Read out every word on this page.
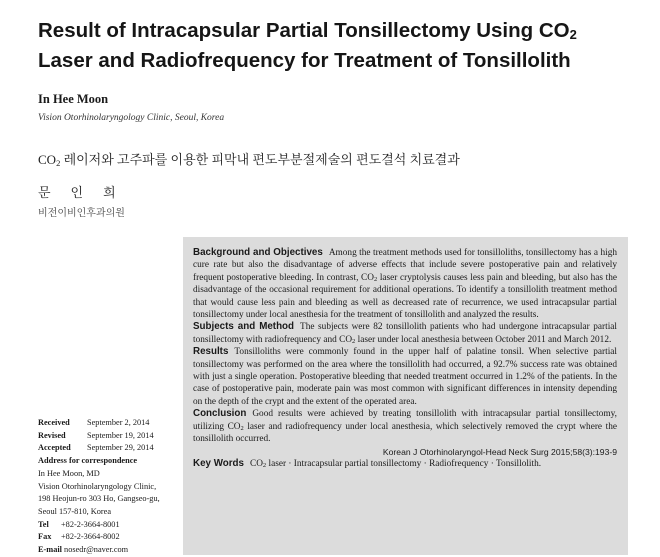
Result of Intracapsular Partial Tonsillectomy Using $CO_2$
Laser and Radiofrequency for Treatment of Tonsillolith
In Hee Moon
Vision Otorhinolaryngology Clinic, Seoul, Korea
$CO_2$ 레이저와 고주파를 이용한 피막내 편도부분절제술의 편도결석 치료결과
문인희
비전이비인후과의원
Received September 2, 2014
Revised	September 19, 2014
Accepted September 29, 2014
Address for correspondence
In Hee Moon, MD
Vision Otorhinolaryngology Clinic,
198 Heojun-ro 303 Ho, Gangseo-gu,
Seoul 157-810, Korea
Tel +82-2-3664-8001
Fax +82-2-3664-8002
E-mail nosedr@naver.com

Background and Objectives Among the treatment methods used for tonsilloliths, tonsillectomy has a high cure rate but also the disadvantage of adverse effects that include severe postoperative pain and relatively frequent postoperative bleeding. In contrast, $CO_2$ laser cryptolysis causes less pain and bleeding, but also has the disadvantage of the occasional requirement for additional operations. To identify a tonsillolith treatment method that would cause less pain and bleeding as well as decreased rate of recurrence, we used intracapsular partial tonsillectomy under local anesthesia for the treatment of tonsillolith and analyzed the results.

Subjects and Method The subjects were 82 tonsillolith patients who had undergone intracapsular partial tonsillectomy with radiofrequency and $CO_2$ laser under local anesthesia between October 2011 and March 2012.

Results Tonsilloliths were commonly found in the upper half of palatine tonsil. When selective partial tonsillectomy was performed on the area where the tonsillolith had occurred, a 92.7% success rate was obtained with just a single operation. Postoperative bleeding that needed treatment occurred in 1.2% of the patients. In the case of postoperative pain, moderate pain was most common with significant differences in intensity depending on the depth of the crypt and the extent of the operated area.

Conclusion Good results were achieved by treating tonsillolith with intracapsular partial tonsillectomy, utilizing $CO_2$ laser and radiofrequency under local anesthesia, which selectively removed the crypt where the tonsillolith occurred.

Korean J Otorhinolaryngol-Head Neck Surg 2015;58(3):193-9

Key Words $CO_2$ laser · Intracapsular partial tonsillectomy · Radiofrequency · Tonsillolith.
